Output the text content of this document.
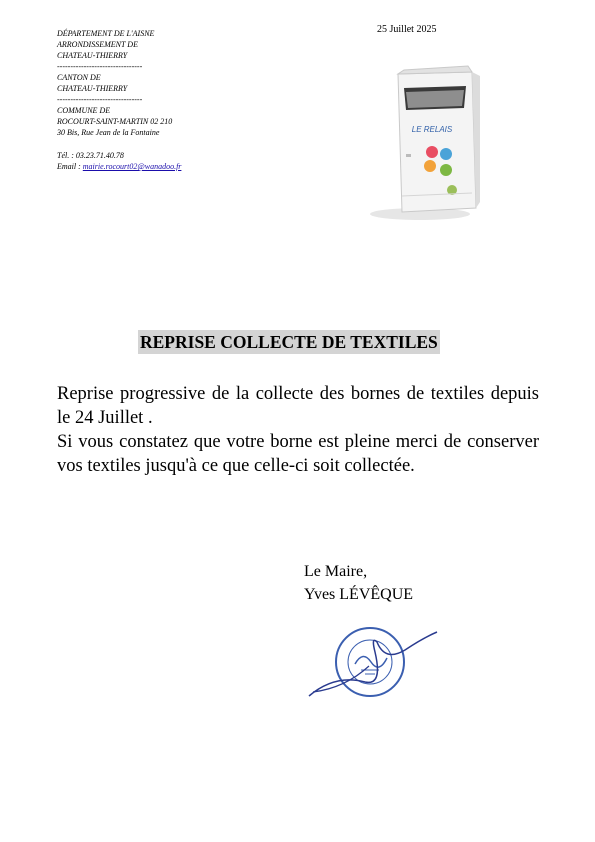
DÉPARTEMENT DE L'AISNE
ARRONDISSEMENT DE
CHATEAU-THIERRY
--------------------------------
CANTON DE
CHATEAU-THIERRY
--------------------------------
COMMUNE DE
ROCOURT-SAINT-MARTIN 02 210
30 Bis, Rue Jean de la Fontaine
Tél. : 03.23.71.40.78
Email : mairie.rocourt02@wanadoo.fr
25 Juillet 2025
LE RELAIS
REPRISE COLLECTE DE TEXTILES

Reprise progressive de la collecte des bornes de textiles depuis le 24 Juillet .

Si vous constatez que votre borne est pleine merci de conserver vos textiles jusqu'à ce que celle-ci soit collectée.

Le Maire,
Yves LÉVÊQUE
